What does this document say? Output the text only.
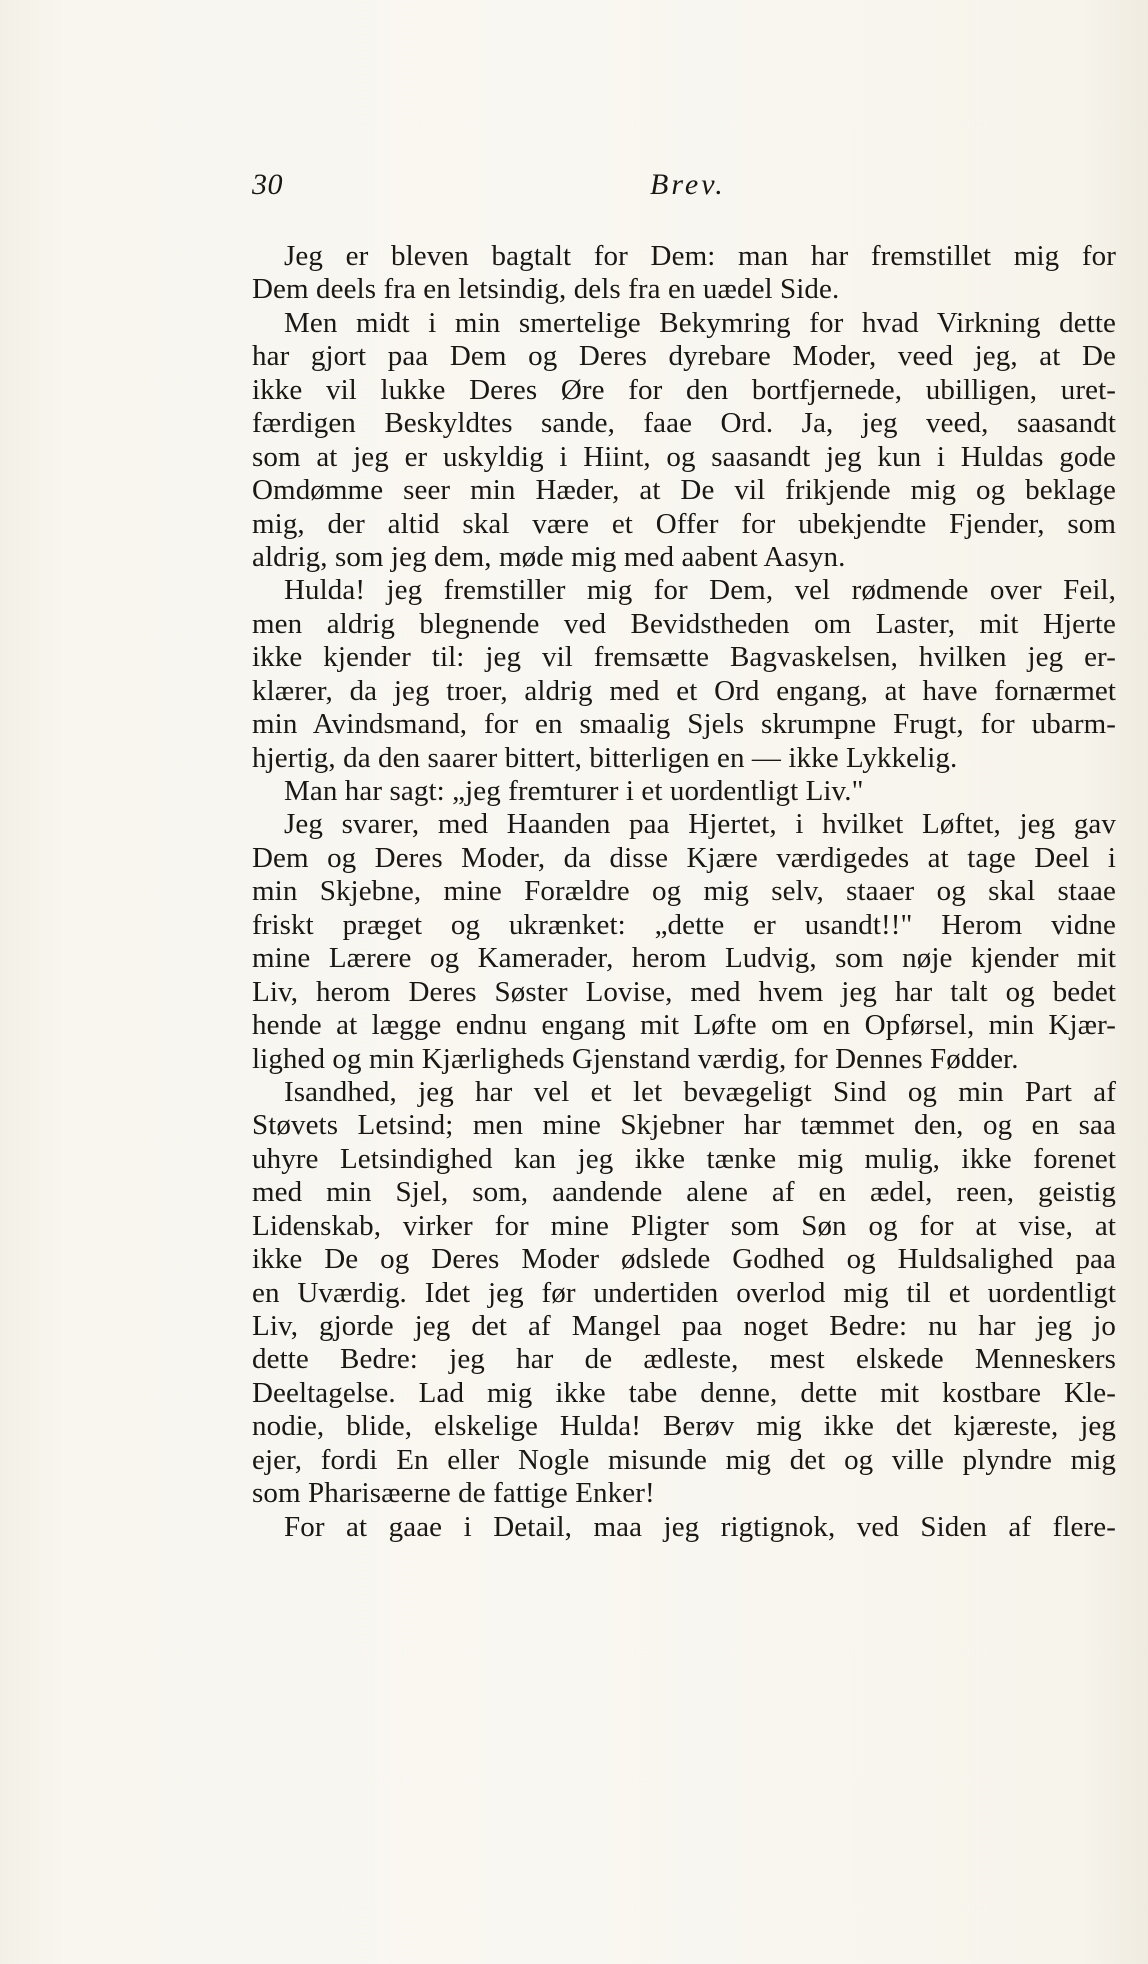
30	Brev.
Jeg er bleven bagtalt for Dem: man har fremstillet mig for
Dem deels fra en letsindig, dels fra en uædel Side.
Men midt i min smertelige Bekymring for hvad Virkning dette
har gjort paa Dem og Deres dyrebare Moder, veed jeg, at De
ikke vil lukke Deres Øre for den bortfjernede, ubilligen, uret-
færdigen Beskyldtes sande, faae Ord. Ja, jeg veed, saasandt
som at jeg er uskyldig i Hiint, og saasandt jeg kun i Huldas gode
Omdømme seer min Hæder, at De vil frikjende mig og beklage
mig, der altid skal være et Offer for ubekjendte Fjender, som
aldrig, som jeg dem, møde mig med aabent Aasyn.
Hulda! jeg fremstiller mig for Dem, vel rødmende over Feil,
men aldrig blegnende ved Bevidstheden om Laster, mit Hjerte
ikke kjender til: jeg vil fremsætte Bagvaskelsen, hvilken jeg er-
klærer, da jeg troer, aldrig med et Ord engang, at have fornærmet
min Avindsmand, for en smaalig Sjels skrumpne Frugt, for ubarm-
hjertig, da den saarer bittert, bitterligen en — ikke Lykkelig.
Man har sagt: „jeg fremturer i et uordentligt Liv."
Jeg svarer, med Haanden paa Hjertet, i hvilket Løftet, jeg gav
Dem og Deres Moder, da disse Kjære værdigedes at tage Deel i
min Skjebne, mine Forældre og mig selv, staaer og skal staae
friskt præget og ukrænket: „dette er usandt!!" Herom vidne
mine Lærere og Kamerader, herom Ludvig, som nøje kjender mit
Liv, herom Deres Søster Lovise, med hvem jeg har talt og bedet
hende at lægge endnu engang mit Løfte om en Opførsel, min Kjær-
lighed og min Kjærligheds Gjenstand værdig, for Dennes Fødder.
Isandhed, jeg har vel et let bevægeligt Sind og min Part af
Støvets Letsind; men mine Skjebner har tæmmet den, og en saa
uhyre Letsindighed kan jeg ikke tænke mig mulig, ikke forenet
med min Sjel, som, aandende alene af en ædel, reen, geistig
Lidenskab, virker for mine Pligter som Søn og for at vise, at
ikke De og Deres Moder ødslede Godhed og Huldsalighed paa
en Uværdig. Idet jeg før undertiden overlod mig til et uordentligt
Liv, gjorde jeg det af Mangel paa noget Bedre: nu har jeg jo
dette Bedre: jeg har de ædleste, mest elskede Menneskers
Deeltagelse. Lad mig ikke tabe denne, dette mit kostbare Kle-
nodie, blide, elskelige Hulda! Berøv mig ikke det kjæreste, jeg
ejer, fordi En eller Nogle misunde mig det og ville plyndre mig
som Pharisæerne de fattige Enker!
For at gaae i Detail, maa jeg rigtignok, ved Siden af flere-
